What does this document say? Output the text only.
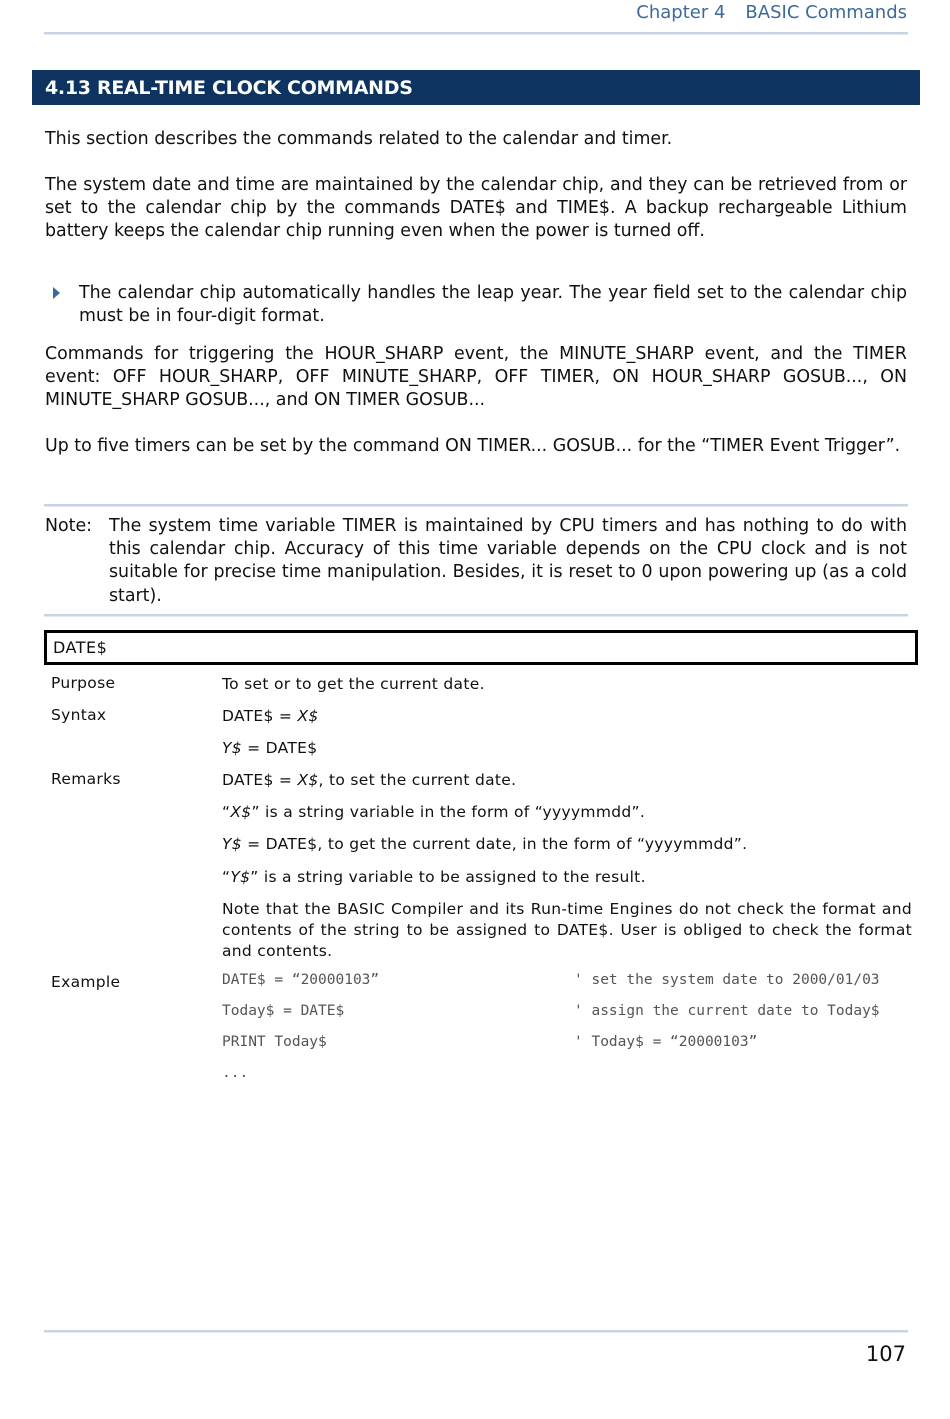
Chapter 4 BASIC Commands
4.13 REAL-TIME CLOCK COMMANDS
This section describes the commands related to the calendar and timer.
The system date and time are maintained by the calendar chip, and they can be retrieved from or set to the calendar chip by the commands DATE$ and TIME$. A backup rechargeable Lithium battery keeps the calendar chip running even when the power is turned off.
The calendar chip automatically handles the leap year. The year field set to the calendar chip must be in four-digit format.
Commands for triggering the HOUR_SHARP event, the MINUTE_SHARP event, and the TIMER event: OFF HOUR_SHARP, OFF MINUTE_SHARP, OFF TIMER, ON HOUR_SHARP GOSUB..., ON MINUTE_SHARP GOSUB..., and ON TIMER GOSUB...
Up to five timers can be set by the command ON TIMER... GOSUB... for the “TIMER Event Trigger”.
Note: The system time variable TIMER is maintained by CPU timers and has nothing to do with this calendar chip. Accuracy of this time variable depends on the CPU clock and is not suitable for precise time manipulation. Besides, it is reset to 0 upon powering up (as a cold start).
DATE$
Purpose	To set or to get the current date.
Syntax	DATE$ = X$
Y$ = DATE$
Remarks	DATE$ = X$, to set the current date.
“X$” is a string variable in the form of “yyyymmdd”.
Y$ = DATE$, to get the current date, in the form of “yyyymmdd”.
“Y$” is a string variable to be assigned to the result.
Note that the BASIC Compiler and its Run-time Engines do not check the format and contents of the string to be assigned to DATE$. User is obliged to check the format and contents.
Example	DATE$ = “20000103”	' set the system date to 2000/01/03
Today$ = DATE$	' assign the current date to Today$
PRINT Today$	' Today$ = “20000103”
...
107
